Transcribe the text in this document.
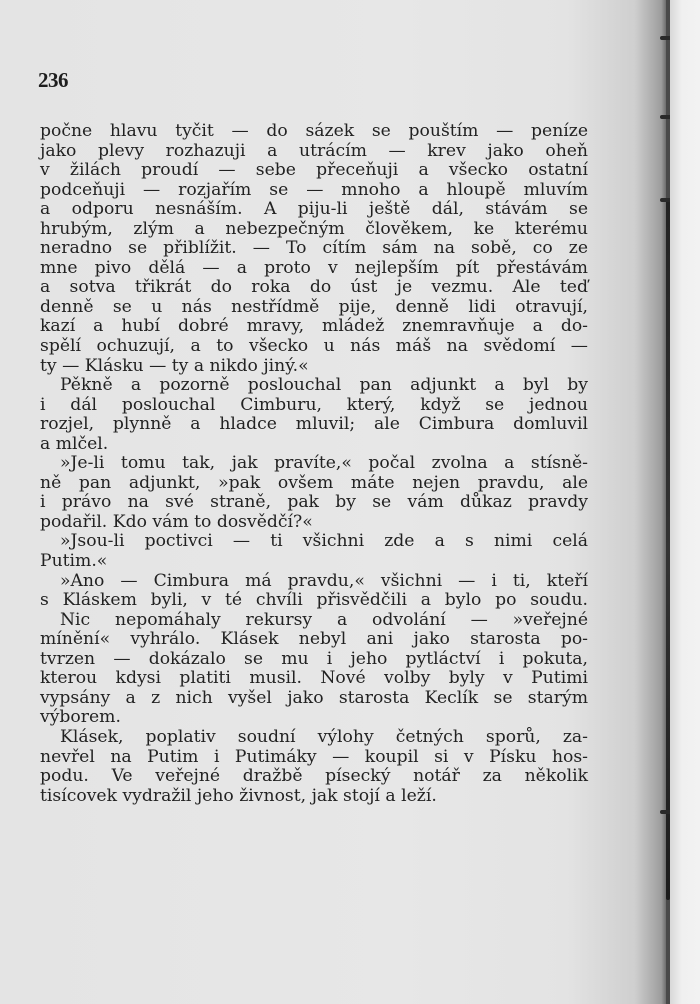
236
počne hlavu tyčit — do sázek se pouštím — peníze
jako plevy rozhazuji a utrácím — krev jako oheň
v žilách proudí — sebe přeceňuji a všecko ostatní
podceňuji — rozjařím se — mnoho a hloupě mluvím
a odporu nesnáším. A piju-li ještě dál, stávám se
hrubým, zlým a nebezpečným člověkem, ke kterému
neradno se přiblížit. — To cítím sám na sobě, co ze
mne pivo dělá — a proto v nejlepším pít přestávám
a sotva třikrát do roka do úst je vezmu. Ale teď
denně se u nás nestřídmě pije, denně lidi otravují,
kazí a hubí dobré mravy, mládež znemravňuje a do-
spělí ochuzují, a to všecko u nás máš na svědomí —
ty — Klásku — ty a nikdo jiný.«
Pěkně a pozorně poslouchal pan adjunkt a byl by
i dál poslouchal Cimburu, který, když se jednou
rozjel, plynně a hladce mluvil; ale Cimbura domluvil
a mlčel.
»Je-li tomu tak, jak pravíte,« počal zvolna a stísně-
ně pan adjunkt, »pak ovšem máte nejen pravdu, ale
i právo na své straně, pak by se vám důkaz pravdy
podařil. Kdo vám to dosvědčí?«
»Jsou-li poctivci — ti všichni zde a s nimi celá
Putim.«
»Ano — Cimbura má pravdu,« všichni — i ti, kteří
s Kláskem byli, v té chvíli přisvědčili a bylo po soudu.
Nic nepomáhaly rekursy a odvolání — »veřejné
mínění« vyhrálo. Klásek nebyl ani jako starosta po-
tvrzen — dokázalo se mu i jeho pytláctví i pokuta,
kterou kdysi platiti musil. Nové volby byly v Putimi
vypsány a z nich vyšel jako starosta Keclík se starým
výborem.
Klásek, poplativ soudní výlohy četných sporů, za-
nevřel na Putim i Putimáky — koupil si v Písku hos-
podu. Ve veřejné dražbě písecký notář za několik
tisícovek vydražil jeho živnost, jak stojí a leží.
